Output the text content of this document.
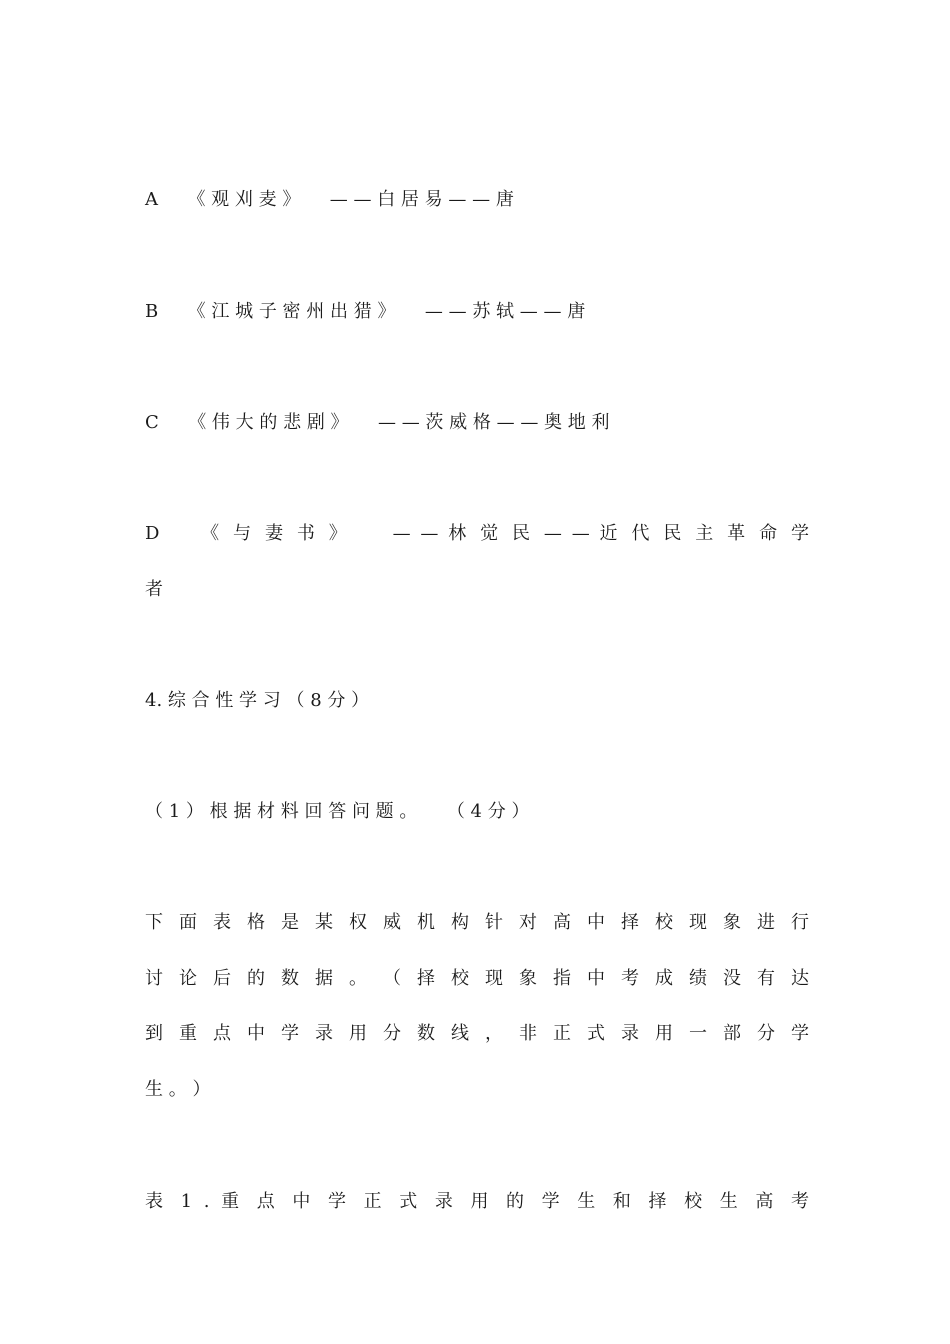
A 　 《 观 刈 麦 》 　 — — 白 居 易 — — 唐
B 　 《 江 城 子 密 州 出 猎 》 　 — — 苏 轼 — — 唐
C 　 《 伟 大 的 悲 剧 》 　 — — 茨 威 格 — — 奥 地 利
D 　 《 与 妻 书 》 　 — — 林 觉 民 — — 近 代 民 主 革 命 学
者
4. 综 合 性 学 习 （ 8 分 ）
（ 1 ） 根 据 材 料 回 答 问 题 。 　 （ 4 分 ）
下 面 表 格 是 某 权 威 机 构 针 对 高 中 择 校 现 象 进 行
讨 论 后 的 数 据 。 （ 择 校 现 象 指 中 考 成 绩 没 有 达
到 重 点 中 学 录 用 分 数 线 ， 非 正 式 录 用 一 部 分 学
生 。 ）
表 1 . 重 点 中 学 正 式 录 用 的 学 生 和 择 校 生 高 考
